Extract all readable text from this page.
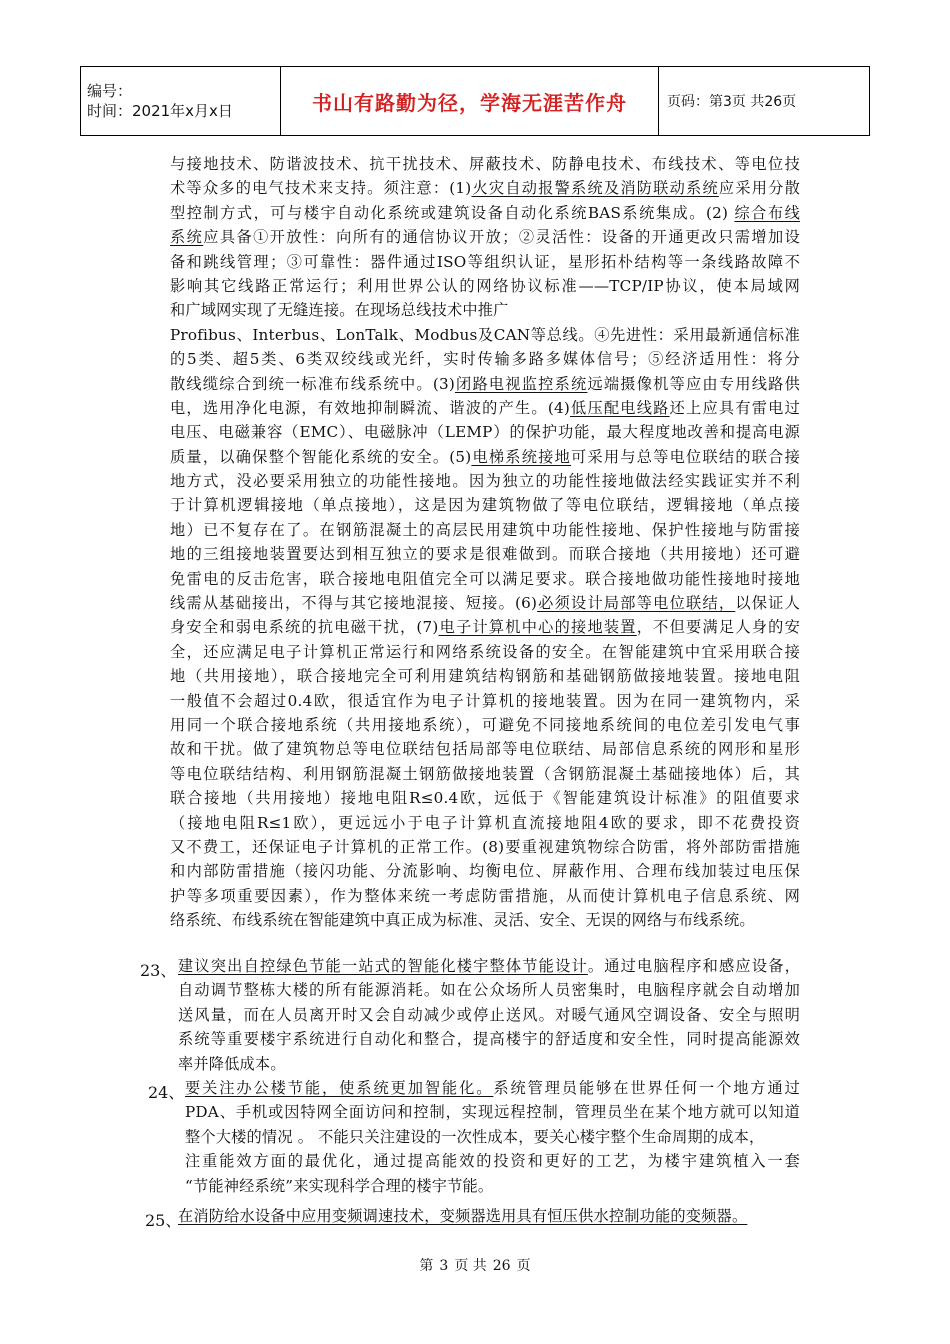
编号：
时间：2021年x月x日	书山有路勤为径，学海无涯苦作舟	页码：第3页 共26页
与接地技术、防谐波技术、抗干扰技术、屏蔽技术、防静电技术、布线技术、等电位技
术等众多的电气技术来支持。须注意：(1)火灾自动报警系统及消防联动系统应采用分散
型控制方式，可与楼宇自动化系统或建筑设备自动化系统BAS系统集成。(2) 综合布线
系统应具备①开放性：向所有的通信协议开放；②灵活性：设备的开通更改只需增加设
备和跳线管理；③可靠性：器件通过ISO等组织认证，星形拓朴结构等一条线路故障不
影响其它线路正常运行；利用世界公认的网络协议标准——TCP/IP协议，使本局域网
和广域网实现了无缝连接。在现场总线技术中推广
Profibus、Interbus、LonTalk、Modbus及CAN等总线。④先进性：采用最新通信标准
的5类、超5类、6类双绞线或光纤，实时传输多路多媒体信号；⑤经济适用性：将分
散线缆综合到统一标准布线系统中。(3)闭路电视监控系统远端摄像机等应由专用线路供
电，选用净化电源，有效地抑制瞬流、谐波的产生。(4)低压配电线路还上应具有雷电过
电压、电磁兼容（EMC）、电磁脉冲（LEMP）的保护功能，最大程度地改善和提高电源
质量，以确保整个智能化系统的安全。(5)电梯系统接地可采用与总等电位联结的联合接
地方式，没必要采用独立的功能性接地。因为独立的功能性接地做法经实践证实并不利
于计算机逻辑接地（单点接地），这是因为建筑物做了等电位联结，逻辑接地（单点接
地）已不复存在了。在钢筋混凝土的高层民用建筑中功能性接地、保护性接地与防雷接
地的三组接地装置要达到相互独立的要求是很难做到。而联合接地（共用接地）还可避
免雷电的反击危害，联合接地电阻值完全可以满足要求。联合接地做功能性接地时接地
线需从基础接出，不得与其它接地混接、短接。(6)必须设计局部等电位联结，以保证人
身安全和弱电系统的抗电磁干扰，(7)电子计算机中心的接地装置，不但要满足人身的安
全，还应满足电子计算机正常运行和网络系统设备的安全。在智能建筑中宜采用联合接
地（共用接地），联合接地完全可利用建筑结构钢筋和基础钢筋做接地装置。接地电阻
一般值不会超过0.4欧，很适宜作为电子计算机的接地装置。因为在同一建筑物内，采
用同一个联合接地系统（共用接地系统），可避免不同接地系统间的电位差引发电气事
故和干扰。做了建筑物总等电位联结包括局部等电位联结、局部信息系统的网形和星形
等电位联结结构、利用钢筋混凝土钢筋做接地装置（含钢筋混凝土基础接地体）后，其
联合接地（共用接地）接地电阻R≤0.4欧，远低于《智能建筑设计标准》的阻值要求
（接地电阻R≤1欧），更远远小于电子计算机直流接地阻4欧的要求，即不花费投资
又不费工，还保证电子计算机的正常工作。(8)要重视建筑物综合防雷，将外部防雷措施
和内部防雷措施（接闪功能、分流影响、均衡电位、屏蔽作用、合理布线加装过电压保
护等多项重要因素），作为整体来统一考虑防雷措施，从而使计算机电子信息系统、网
络系统、布线系统在智能建筑中真正成为标准、灵活、安全、无误的网络与布线系统。
23、 建议突出自控绿色节能一站式的智能化楼宇整体节能设计。通过电脑程序和感应设备，
自动调节整栋大楼的所有能源消耗。如在公众场所人员密集时，电脑程序就会自动增加
送风量，而在人员离开时又会自动减少或停止送风。对暖气通风空调设备、安全与照明
系统等重要楼宇系统进行自动化和整合，提高楼宇的舒适度和安全性，同时提高能源效
率并降低成本。
24、 要关注办公楼节能，使系统更加智能化。系统管理员能够在世界任何一个地方通过
PDA、手机或因特网全面访问和控制，实现远程控制，管理员坐在某个地方就可以知道
整个大楼的情况 。 不能只关注建设的一次性成本，要关心楼宇整个生命周期的成本，
注重能效方面的最优化，通过提高能效的投资和更好的工艺，为楼宇建筑植入一套
“节能神经系统”来实现科学合理的楼宇节能。
25、
在消防给水设备中应用变频调速技术，变频器选用具有恒压供水控制功能的变频器。
第 3 页 共 26 页
